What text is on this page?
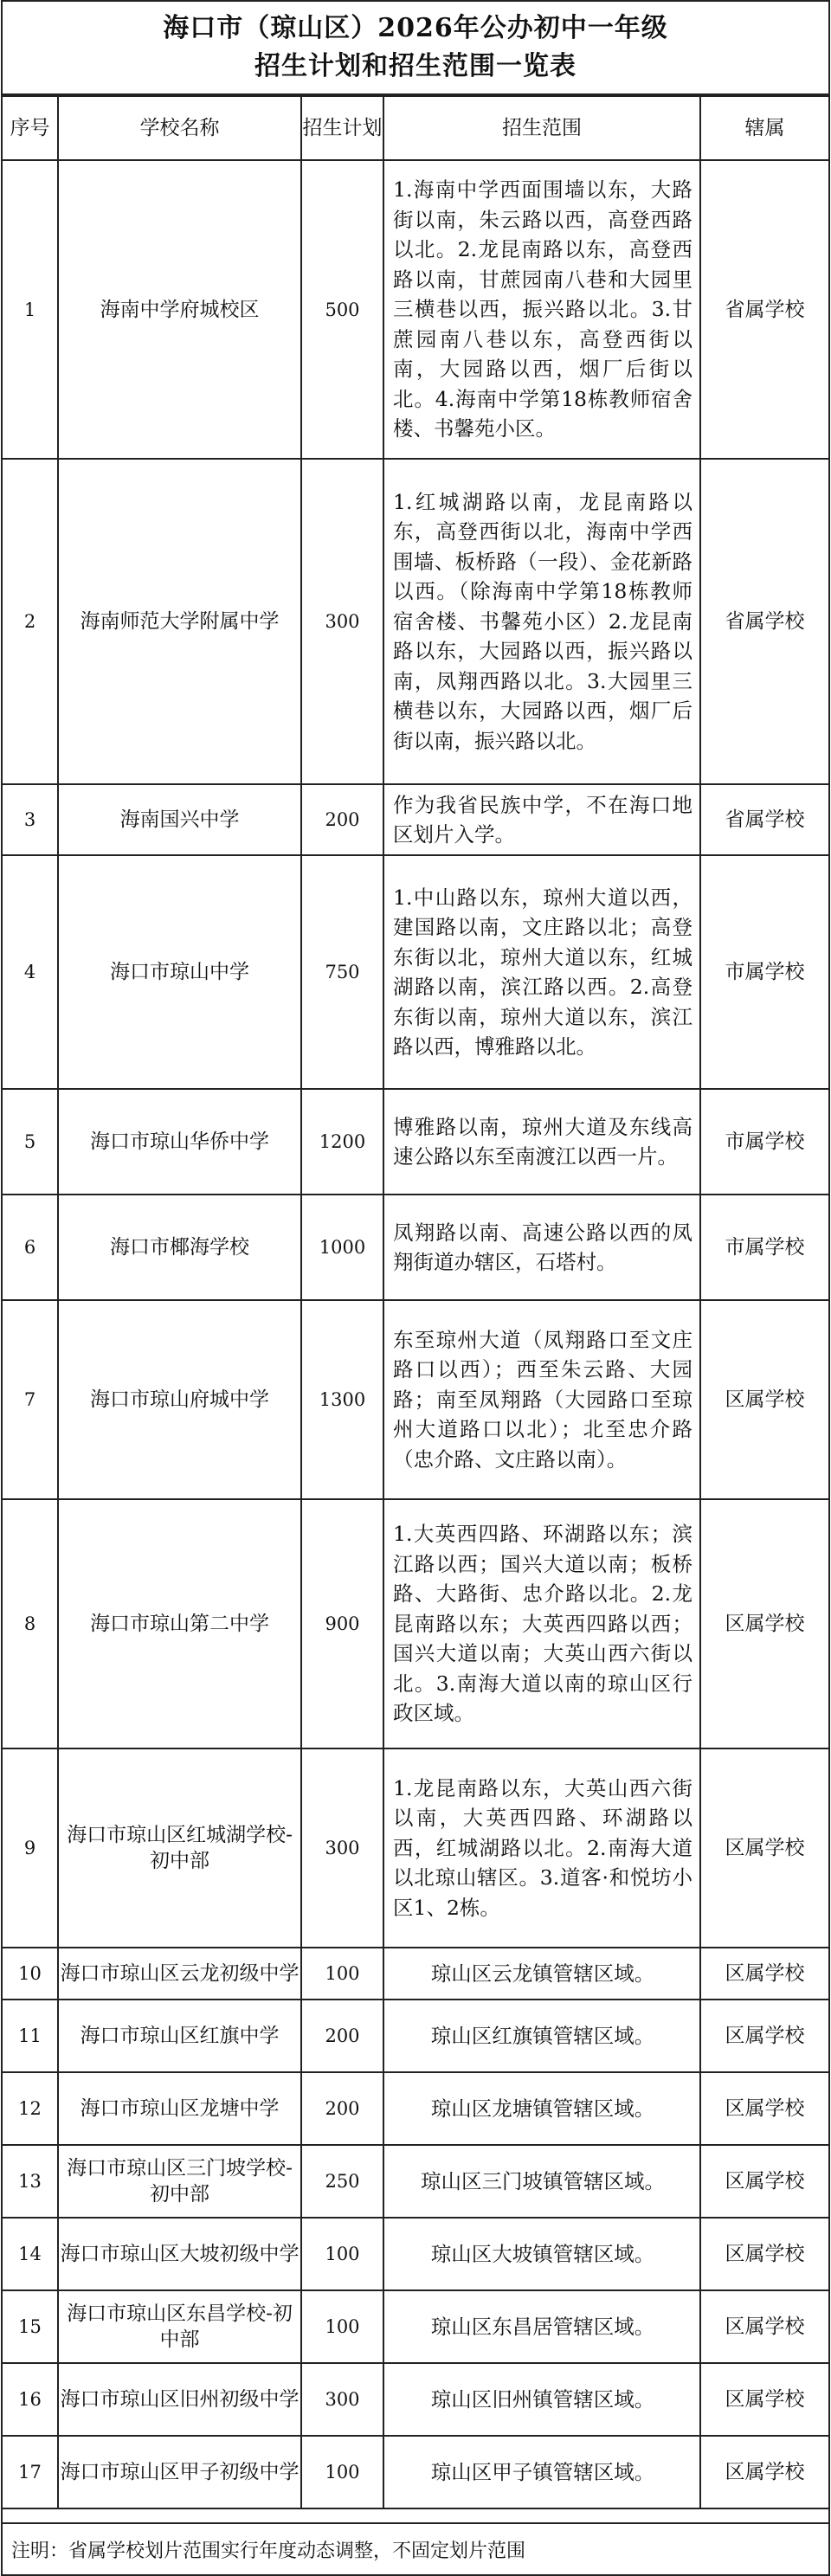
海口市（琼山区）2026年公办初中一年级
招生计划和招生范围一览表
序号	学校名称	招生计划	招生范围	辖属
1	海南中学府城校区	500	1.海南中学西面围墙以东，大路街以南，朱云路以西，高登西路以北。2.龙昆南路以东，高登西路以南，甘蔗园南八巷和大园里三横巷以西，振兴路以北。3.甘蔗园南八巷以东，高登西街以南，大园路以西，烟厂后街以北。4.海南中学第18栋教师宿舍楼、书馨苑小区。	省属学校
2	海南师范大学附属中学	300	1.红城湖路以南，龙昆南路以东，高登西街以北，海南中学西围墙、板桥路（一段）、金花新路以西。（除海南中学第18栋教师宿舍楼、书馨苑小区）2.龙昆南路以东，大园路以西，振兴路以南，凤翔西路以北。3.大园里三横巷以东，大园路以西，烟厂后街以南，振兴路以北。	省属学校
3	海南国兴中学	200	作为我省民族中学，不在海口地区划片入学。	省属学校
4	海口市琼山中学	750	1.中山路以东，琼州大道以西，建国路以南，文庄路以北；高登东街以北，琼州大道以东，红城湖路以南，滨江路以西。2.高登东街以南，琼州大道以东，滨江路以西，博雅路以北。	市属学校
5	海口市琼山华侨中学	1200	博雅路以南，琼州大道及东线高速公路以东至南渡江以西一片。	市属学校
6	海口市椰海学校	1000	凤翔路以南、高速公路以西的凤翔街道办辖区，石塔村。	市属学校
7	海口市琼山府城中学	1300	东至琼州大道（凤翔路口至文庄路口以西）；西至朱云路、大园路；南至凤翔路（大园路口至琼州大道路口以北）；北至忠介路（忠介路、文庄路以南）。	区属学校
8	海口市琼山第二中学	900	1.大英西四路、环湖路以东；滨江路以西；国兴大道以南；板桥路、大路街、忠介路以北。2.龙昆南路以东；大英西四路以西；国兴大道以南；大英山西六街以北。3.南海大道以南的琼山区行政区域。	区属学校
9	海口市琼山区红城湖学校-初中部	300	1.龙昆南路以东，大英山西六街以南，大英西四路、环湖路以西，红城湖路以北。2.南海大道以北琼山辖区。3.道客·和悦坊小区1、2栋。	区属学校
10	海口市琼山区云龙初级中学	100	琼山区云龙镇管辖区域。	区属学校
11	海口市琼山区红旗中学	200	琼山区红旗镇管辖区域。	区属学校
12	海口市琼山区龙塘中学	200	琼山区龙塘镇管辖区域。	区属学校
13	海口市琼山区三门坡学校-初中部	250	琼山区三门坡镇管辖区域。	区属学校
14	海口市琼山区大坡初级中学	100	琼山区大坡镇管辖区域。	区属学校
15	海口市琼山区东昌学校-初中部	100	琼山区东昌居管辖区域。	区属学校
16	海口市琼山区旧州初级中学	300	琼山区旧州镇管辖区域。	区属学校
17	海口市琼山区甲子初级中学	100	琼山区甲子镇管辖区域。	区属学校
注明：省属学校划片范围实行年度动态调整，不固定划片范围
